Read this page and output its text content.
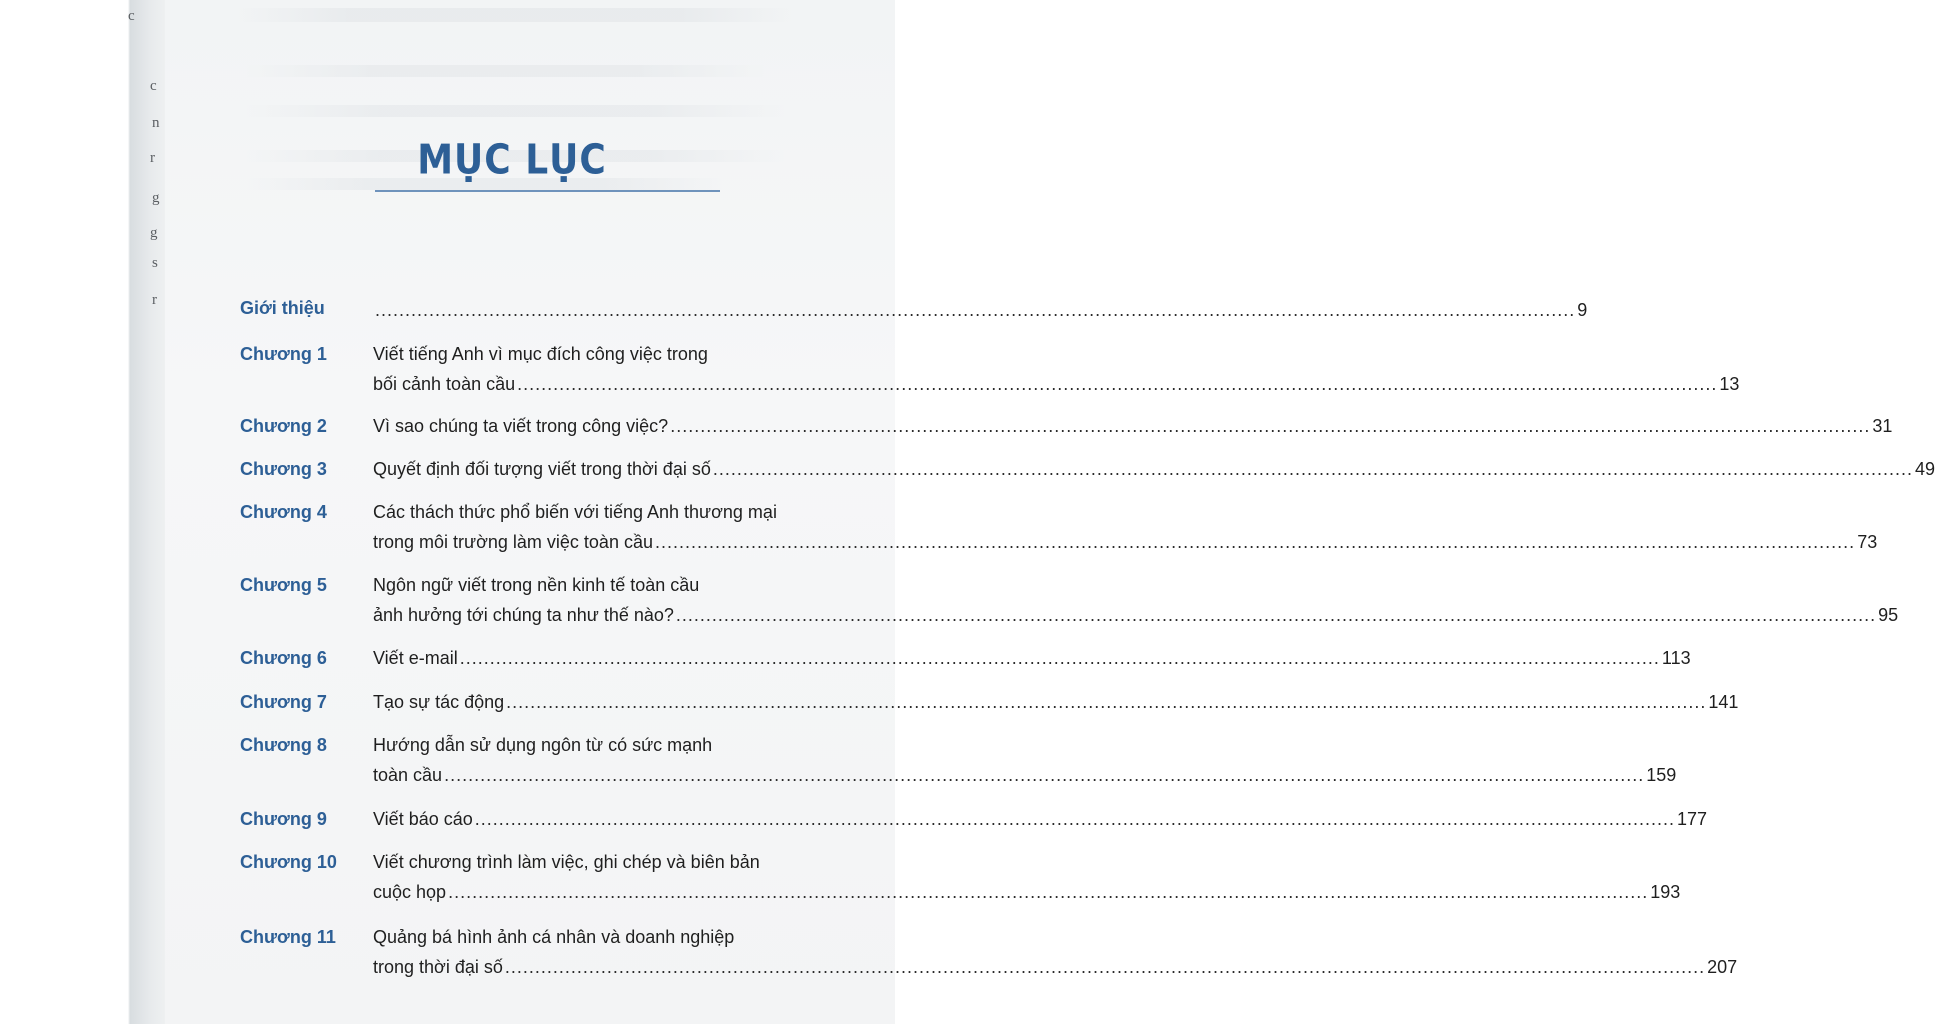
c
c
n
r
g
g
s
r
MỤC LỤC
Giới thiệu	........................................................................................................................................................................................................ 9
Chương 1	Viết tiếng Anh vì mục đích công việc trong
bối cảnh toàn cầu ........................................................................................................................................................................................................ 13
Chương 2	Vì sao chúng ta viết trong công việc? ........................................................................................................................................................................................................ 31
Chương 3	Quyết định đối tượng viết trong thời đại số ........................................................................................................................................................................................................ 49
Chương 4	Các thách thức phổ biến với tiếng Anh thương mại
trong môi trường làm việc toàn cầu ........................................................................................................................................................................................................ 73
Chương 5	Ngôn ngữ viết trong nền kinh tế toàn cầu
ảnh hưởng tới chúng ta như thế nào? ........................................................................................................................................................................................................ 95
Chương 6	Viết e-mail ........................................................................................................................................................................................................ 113
Chương 7	Tạo sự tác động ........................................................................................................................................................................................................ 141
Chương 8	Hướng dẫn sử dụng ngôn từ có sức mạnh
toàn cầu ........................................................................................................................................................................................................ 159
Chương 9	Viết báo cáo ........................................................................................................................................................................................................ 177
Chương 10 Viết chương trình làm việc, ghi chép và biên bản
cuộc họp ........................................................................................................................................................................................................ 193
Chương 11 Quảng bá hình ảnh cá nhân và doanh nghiệp
trong thời đại số ........................................................................................................................................................................................................ 207
